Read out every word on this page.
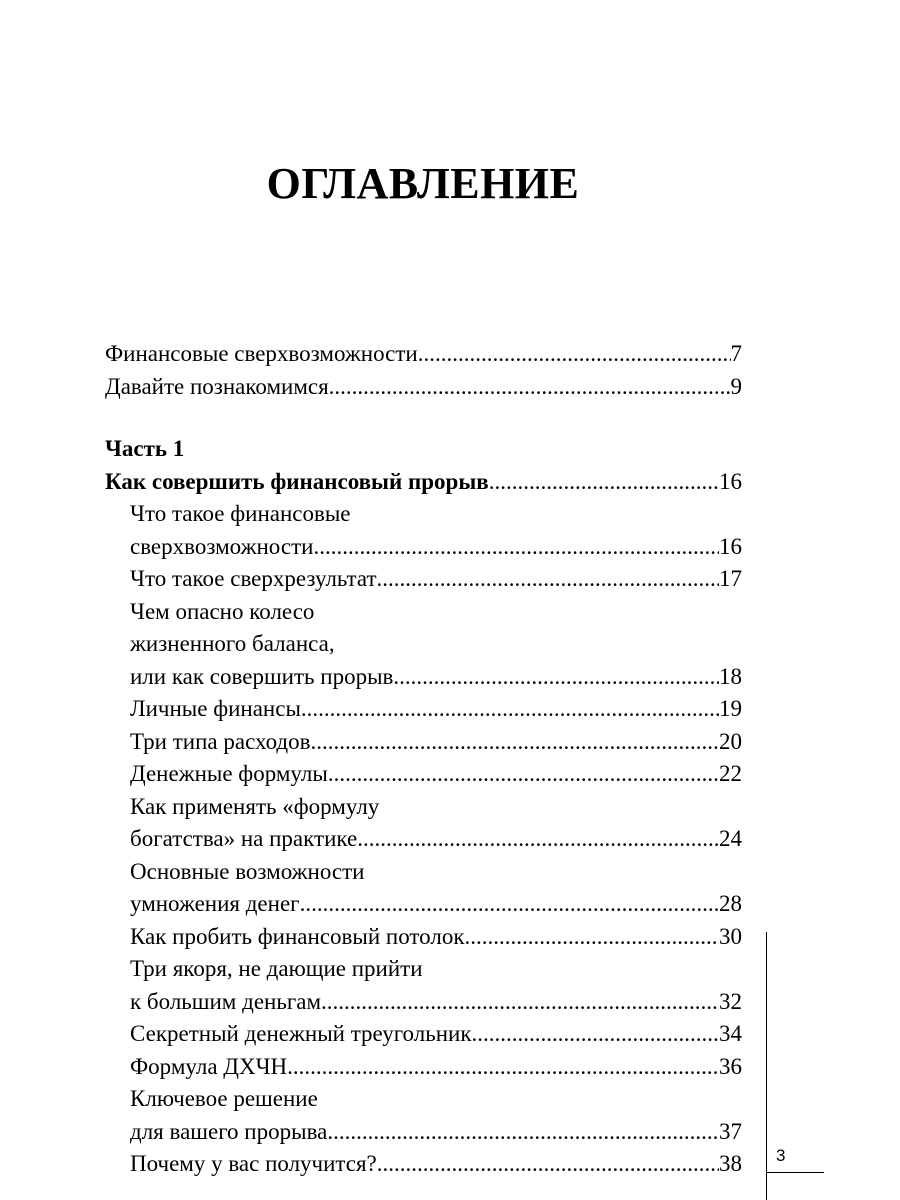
ОГЛАВЛЕНИЕ
Финансовые сверхвозможности .....	7
Давайте познакомимся .....	9
Часть 1
Как совершить финансовый прорыв .....	16
Что такое финансовые
сверхвозможности .....	16
Что такое сверхрезультат .....	17
Чем опасно колесо
жизненного баланса,
или как совершить прорыв .....	18
Личные финансы .....	19
Три типа расходов .....	20
Денежные формулы .....	22
Как применять «формулу
богатства» на практике .....	24
Основные возможности
умножения денег .....	28
Как пробить финансовый потолок .....	30
Три якоря, не дающие прийти
к большим деньгам .....	32
Секретный денежный треугольник .....	34
Формула ДХЧН .....	36
Ключевое решение
для вашего прорыва .....	37
Почему у вас получится? .....	38 3
